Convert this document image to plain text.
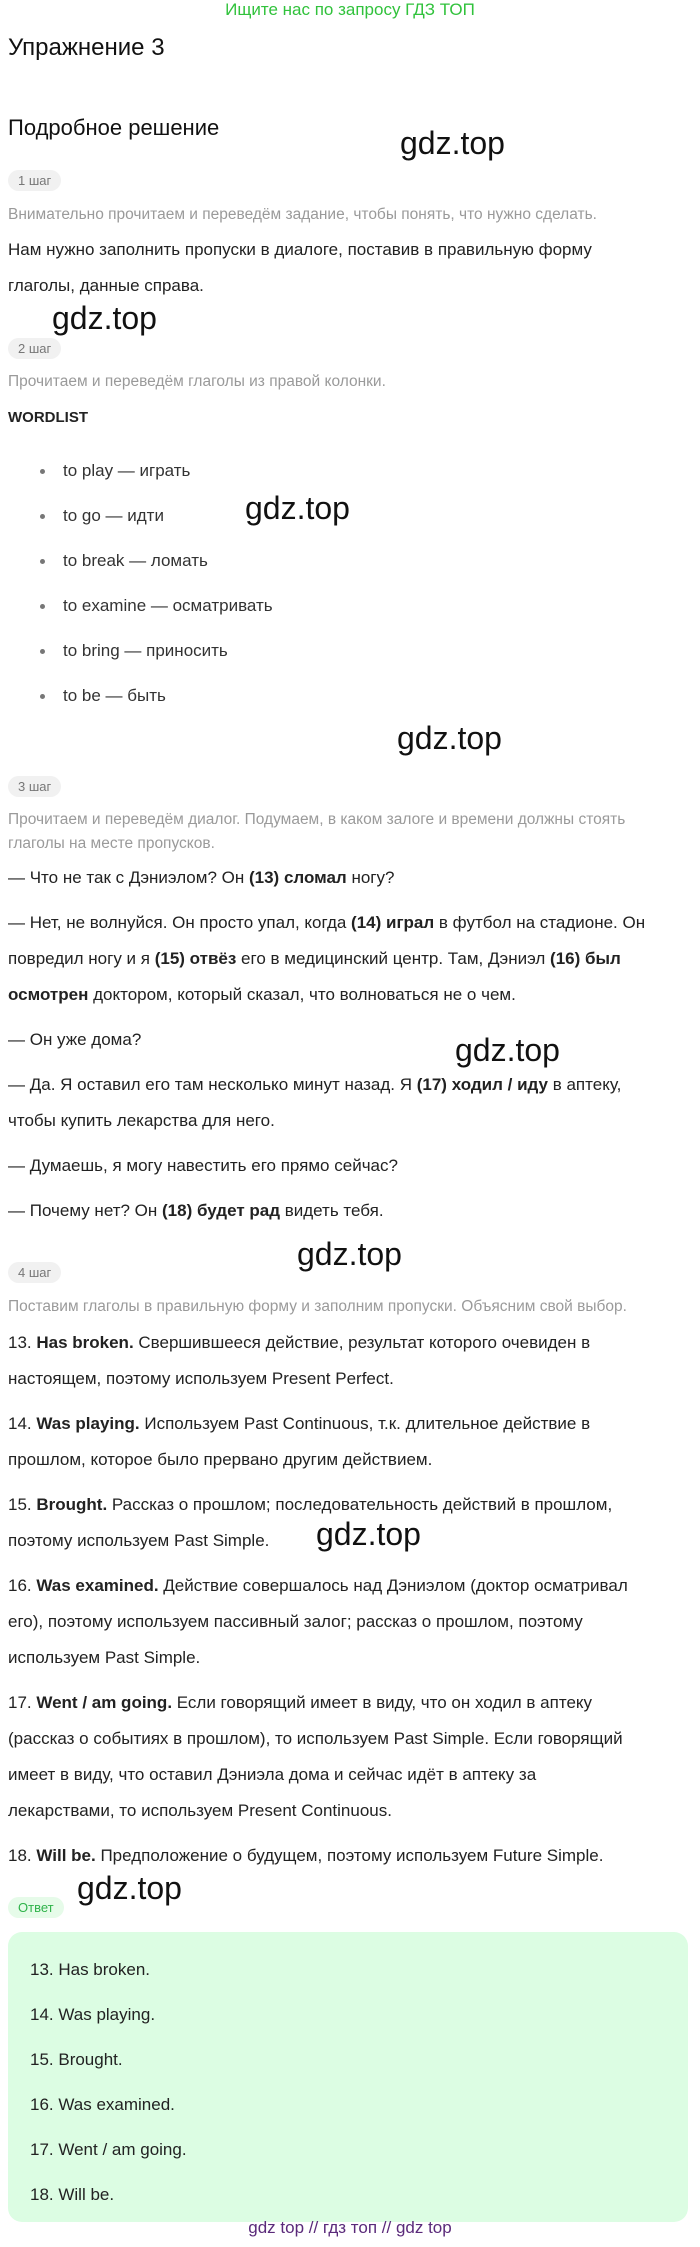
Ищите нас по запросу ГДЗ ТОП
Упражнение 3
Подробное решение	gdz.top
gdz.top
gdz.top
gdz.top
gdz.top
gdz.top
gdz.top
gdz.top
1 шаг
Внимательно прочитаем и переведём задание, чтобы понять, что нужно сделать.
Нам нужно заполнить пропуски в диалоге, поставив в правильную форму
глаголы, данные справа.
2 шаг
Прочитаем и переведём глаголы из правой колонки.
WORDLIST
to play — играть
to go — идти
to break — ломать
to examine — осматривать
to bring — приносить
to be — быть
3 шаг
Прочитаем и переведём диалог. Подумаем, в каком залоге и времени должны стоять
глаголы на месте пропусков.
— Что не так с Дэниэлом? Он (13) сломал ногу?
— Нет, не волнуйся. Он просто упал, когда (14) играл в футбол на стадионе. Он
повредил ногу и я (15) отвёз его в медицинский центр. Там, Дэниэл (16) был
осмотрен доктором, который сказал, что волноваться не о чем.
— Он уже дома?
— Да. Я оставил его там несколько минут назад. Я (17) ходил / иду в аптеку,
чтобы купить лекарства для него.
— Думаешь, я могу навестить его прямо сейчас?
— Почему нет? Он (18) будет рад видеть тебя.
4 шаг
Поставим глаголы в правильную форму и заполним пропуски. Объясним свой выбор.
13. Has broken. Свершившееся действие, результат которого очевиден в
настоящем, поэтому используем Present Perfect.
14. Was playing. Используем Past Continuous, т.к. длительное действие в
прошлом, которое было прервано другим действием.
15. Brought. Рассказ о прошлом; последовательность действий в прошлом,
поэтому используем Past Simple.
16. Was examined. Действие совершалось над Дэниэлом (доктор осматривал
его), поэтому используем пассивный залог; рассказ о прошлом, поэтому
используем Past Simple.
17. Went / am going. Если говорящий имеет в виду, что он ходил в аптеку
(рассказ о событиях в прошлом), то используем Past Simple. Если говорящий
имеет в виду, что оставил Дэниэла дома и сейчас идёт в аптеку за
лекарствами, то используем Present Continuous.
18. Will be. Предположение о будущем, поэтому используем Future Simple.
Ответ
13. Has broken.
14. Was playing.
15. Brought.
16. Was examined.
17. Went / am going.
18. Will be.
gdz top // гдз топ // gdz top
